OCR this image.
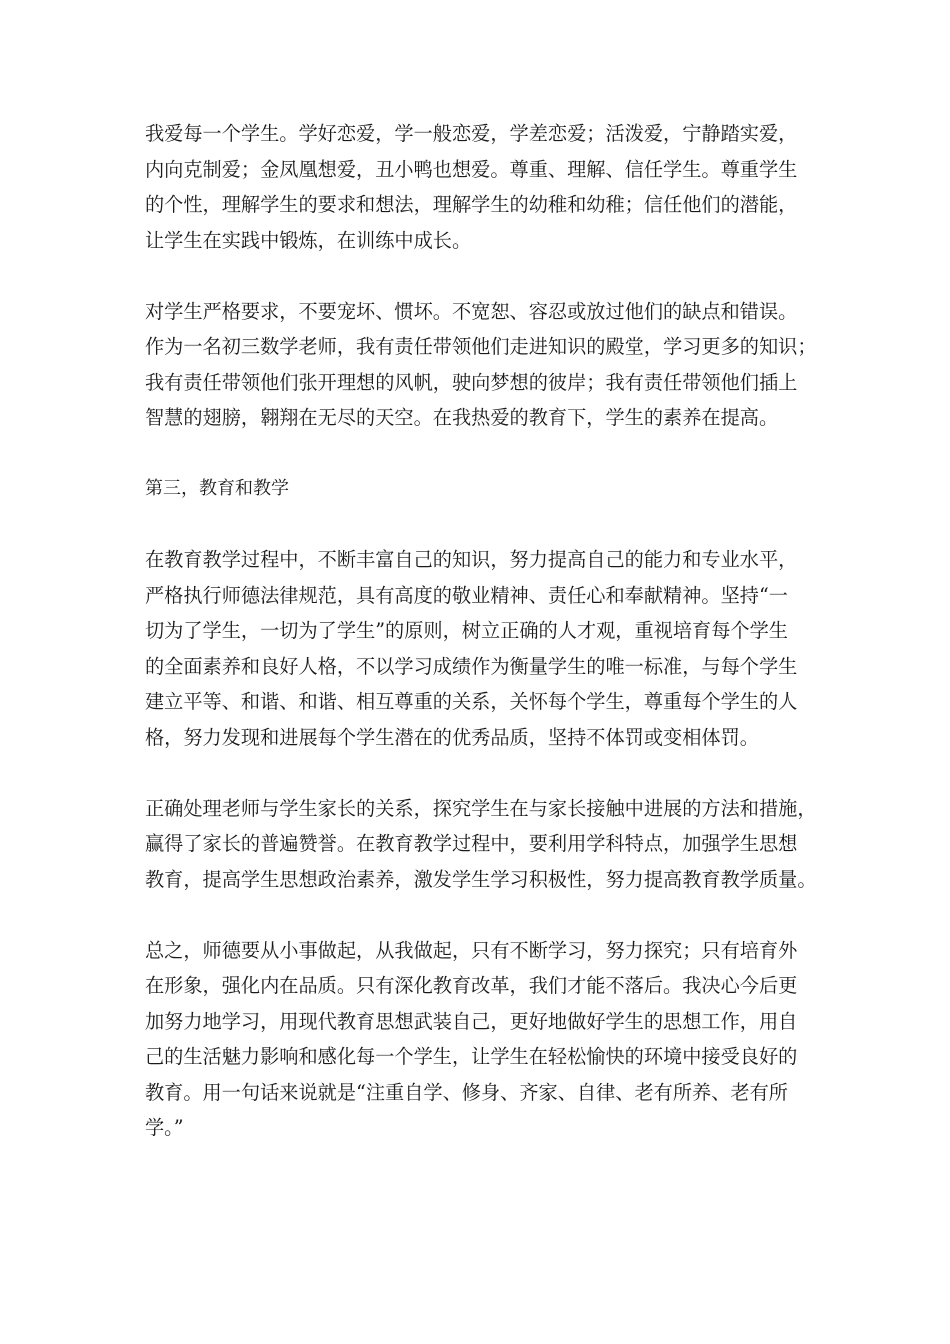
我爱每一个学生。学好恋爱，学一般恋爱，学差恋爱；活泼爱，宁静踏实爱，
内向克制爱；金凤凰想爱，丑小鸭也想爱。尊重、理解、信任学生。尊重学生
的个性，理解学生的要求和想法，理解学生的幼稚和幼稚；信任他们的潜能，
让学生在实践中锻炼，在训练中成长。
对学生严格要求，不要宠坏、惯坏。不宽恕、容忍或放过他们的缺点和错误。
作为一名初三数学老师，我有责任带领他们走进知识的殿堂，学习更多的知识；
我有责任带领他们张开理想的风帆，驶向梦想的彼岸；我有责任带领他们插上
智慧的翅膀，翱翔在无尽的天空。在我热爱的教育下，学生的素养在提高。
第三，教育和教学
在教育教学过程中，不断丰富自己的知识，努力提高自己的能力和专业水平，
严格执行师德法律规范，具有高度的敬业精神、责任心和奉献精神。坚持“一
切为了学生，一切为了学生”的原则，树立正确的人才观，重视培育每个学生
的全面素养和良好人格，不以学习成绩作为衡量学生的唯一标准，与每个学生
建立平等、和谐、和谐、相互尊重的关系，关怀每个学生，尊重每个学生的人
格，努力发现和进展每个学生潜在的优秀品质，坚持不体罚或变相体罚。
正确处理老师与学生家长的关系，探究学生在与家长接触中进展的方法和措施，
赢得了家长的普遍赞誉。在教育教学过程中，要利用学科特点，加强学生思想
教育，提高学生思想政治素养，激发学生学习积极性，努力提高教育教学质量。
总之，师德要从小事做起，从我做起，只有不断学习，努力探究；只有培育外
在形象，强化内在品质。只有深化教育改革，我们才能不落后。我决心今后更
加努力地学习，用现代教育思想武装自己，更好地做好学生的思想工作，用自
己的生活魅力影响和感化每一个学生，让学生在轻松愉快的环境中接受良好的
教育。用一句话来说就是“注重自学、修身、齐家、自律、老有所养、老有所
学。”
